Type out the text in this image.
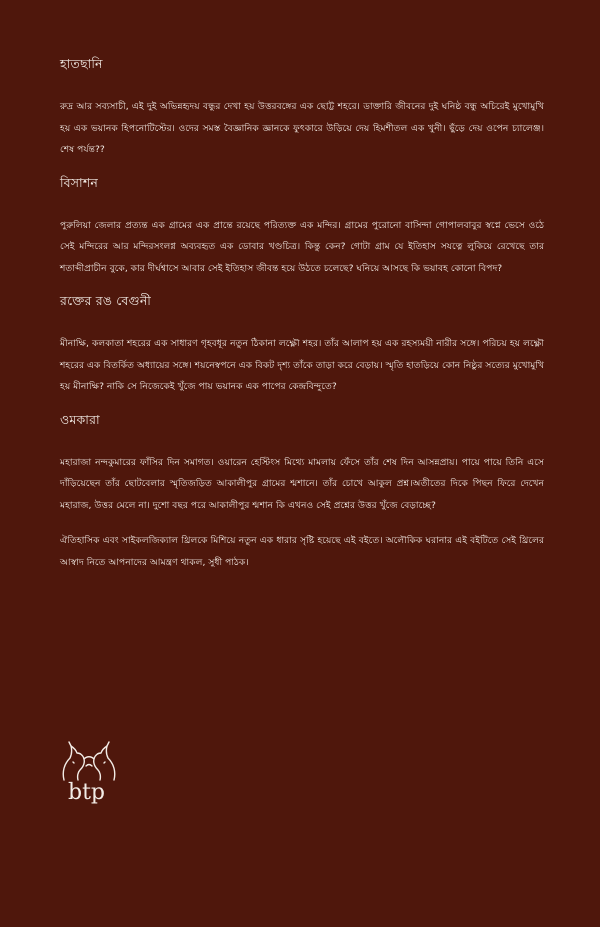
হাতছানি

রুদ্র আর সব্যসাচী, এই দুই অভিন্নহৃদয় বন্ধুর দেখা হয় উত্তরবঙ্গের এক ছোট্ট শহরে। ডাক্তারি জীবনের দুই ঘনিষ্ঠ বন্ধু অচিরেই মুখোমুখি হয় এক ভয়ানক হিপনোটিস্টের। ওদের সমস্ত বৈজ্ঞানিক জ্ঞানকে ফুৎকারে উড়িয়ে দেয় হিমশীতল এক খুনী। ছুঁড়ে দেয় ওপেন চ্যালেঞ্জ। শেষ পর্যন্ত??

বিসাশন

পুরুলিয়া জেলার প্রত্যন্ত এক গ্রামের এক প্রান্তে রয়েছে পরিত্যক্ত এক মন্দির। গ্রামের পুরোনো বাসিন্দা গোপালবাবুর স্বপ্নে ভেসে ওঠে সেই মন্দিরের আর মন্দিরসংলগ্ন অব্যবহৃত এক ডোবার খণ্ডচিত্র। কিন্তু কেন? গোটা গ্রাম যে ইতিহাস সযত্নে লুকিয়ে রেখেছে তার শতাব্দীপ্রাচীন বুকে, কার দীর্ঘশ্বাসে আবার সেই ইতিহাস জীবন্ত হয়ে উঠতে চলেছে? ঘনিয়ে আসছে কি ভয়াবহ কোনো বিপদ?

রক্তের রঙ বেগুনী

মীনাক্ষি, কলকাতা শহরের এক সাধারণ গৃহবধূর নতুন ঠিকানা লক্ষ্ণৌ শহর। তাঁর আলাপ হয় এক রহস্যময়ী নারীর সঙ্গে। পরিচয় হয় লক্ষ্ণৌ শহরের এক বিতর্কিত অধ্যায়ের সঙ্গে। শয়নেস্বপনে এক বিকট দৃশ্য তাঁকে তাড়া করে বেড়ায়। স্মৃতি হাতড়িয়ে কোন নিষ্ঠুর সত্যের মুখোমুখি হয় মীনাক্ষি? নাকি সে নিজেকেই খুঁজে পায় ভয়ানক এক পাপের কেন্দ্রবিন্দুতে?

ওমকারা

মহারাজা নন্দকুমারের ফাঁসির দিন সমাগত। ওয়ারেন হেস্টিংস মিথ্যে মামলায় ফেঁসে তাঁর শেষ দিন আসন্নপ্রায়। পায়ে পায়ে তিনি এসে দাঁড়িয়েছেন তাঁর ছোটবেলার স্মৃতিজড়িত আকালীপুর গ্রামের শ্মশানে। তাঁর চোখে আকুল প্রশ্ন।অতীতের দিকে পিছন ফিরে দেখেন মহারাজ, উত্তর মেলে না। দুশো বছর পরে আকালীপুর শ্মশান কি এখনও সেই প্রশ্নের উত্তর খুঁজে বেড়াচ্ছে?

ঐতিহাসিক এবং সাইকলজিক্যাল থ্রিলকে মিশিয়ে নতুন এক ধারার সৃষ্টি হয়েছে এই বইতে। অলৌকিক ঘরানার এই বইটিতে সেই থ্রিলের আস্বাদ নিতে আপনাদের আমন্ত্রণ থাকল, সুধী পাঠক।

btp
